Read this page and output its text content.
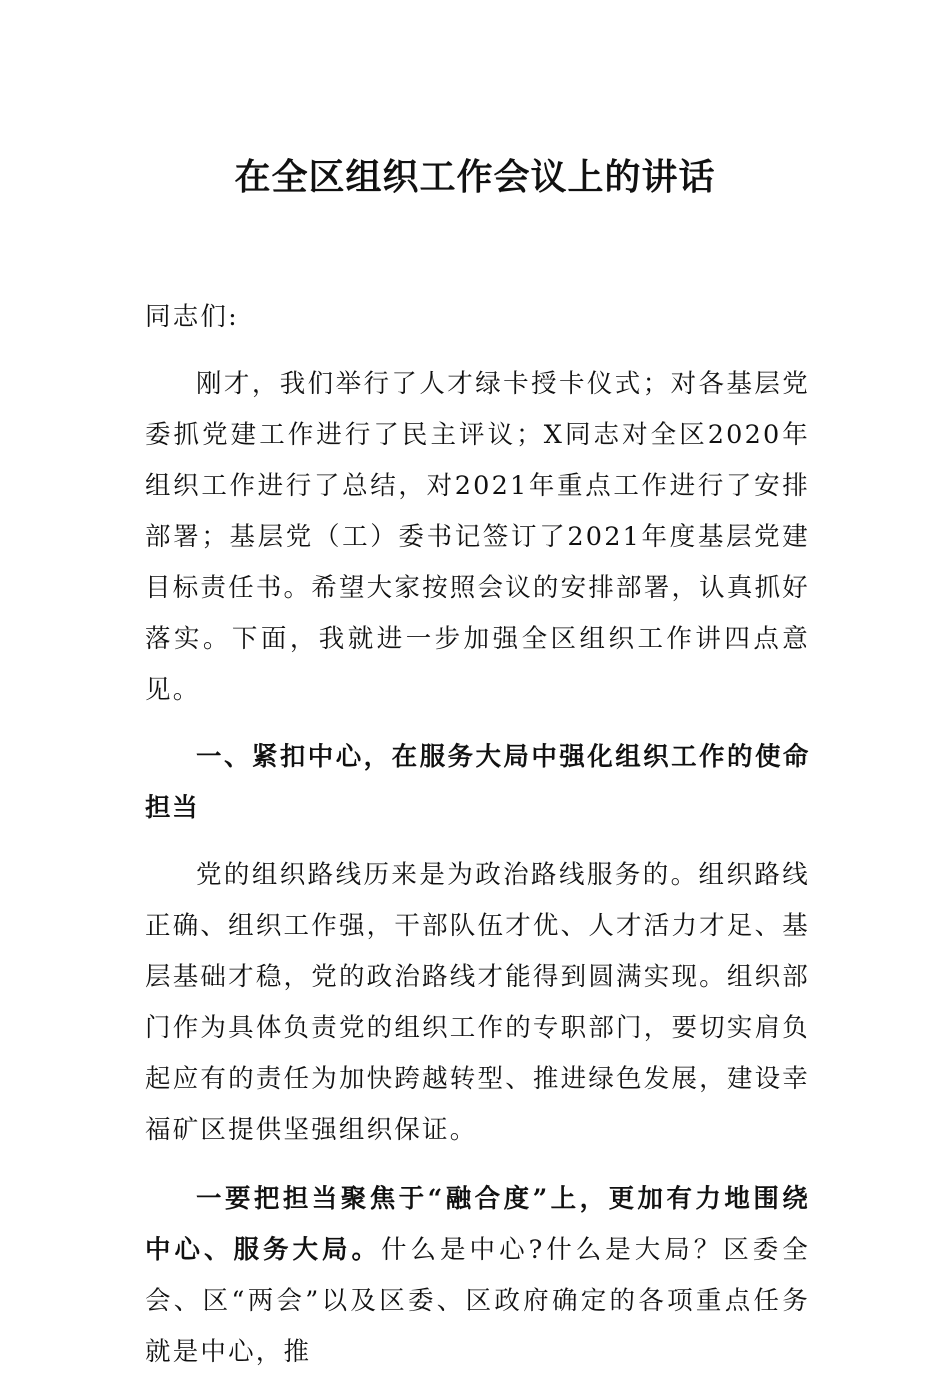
在全区组织工作会议上的讲话

同志们:

刚才，我们举行了人才绿卡授卡仪式；对各基层党委抓党建工作进行了民主评议；X同志对全区2020年组织工作进行了总结，对2021年重点工作进行了安排部署；基层党（工）委书记签订了2021年度基层党建目标责任书。希望大家按照会议的安排部署，认真抓好落实。下面，我就进一步加强全区组织工作讲四点意见。

一、紧扣中心，在服务大局中强化组织工作的使命担当

党的组织路线历来是为政治路线服务的。组织路线正确、组织工作强，干部队伍才优、人才活力才足、基层基础才稳，党的政治路线才能得到圆满实现。组织部门作为具体负责党的组织工作的专职部门，要切实肩负起应有的责任为加快跨越转型、推进绿色发展，建设幸福矿区提供坚强组织保证。

一要把担当聚焦于“融合度”上，更加有力地围绕中心、服务大局。什么是中心?什么是大局？区委全会、区“两会”以及区委、区政府确定的各项重点任务就是中心，推
